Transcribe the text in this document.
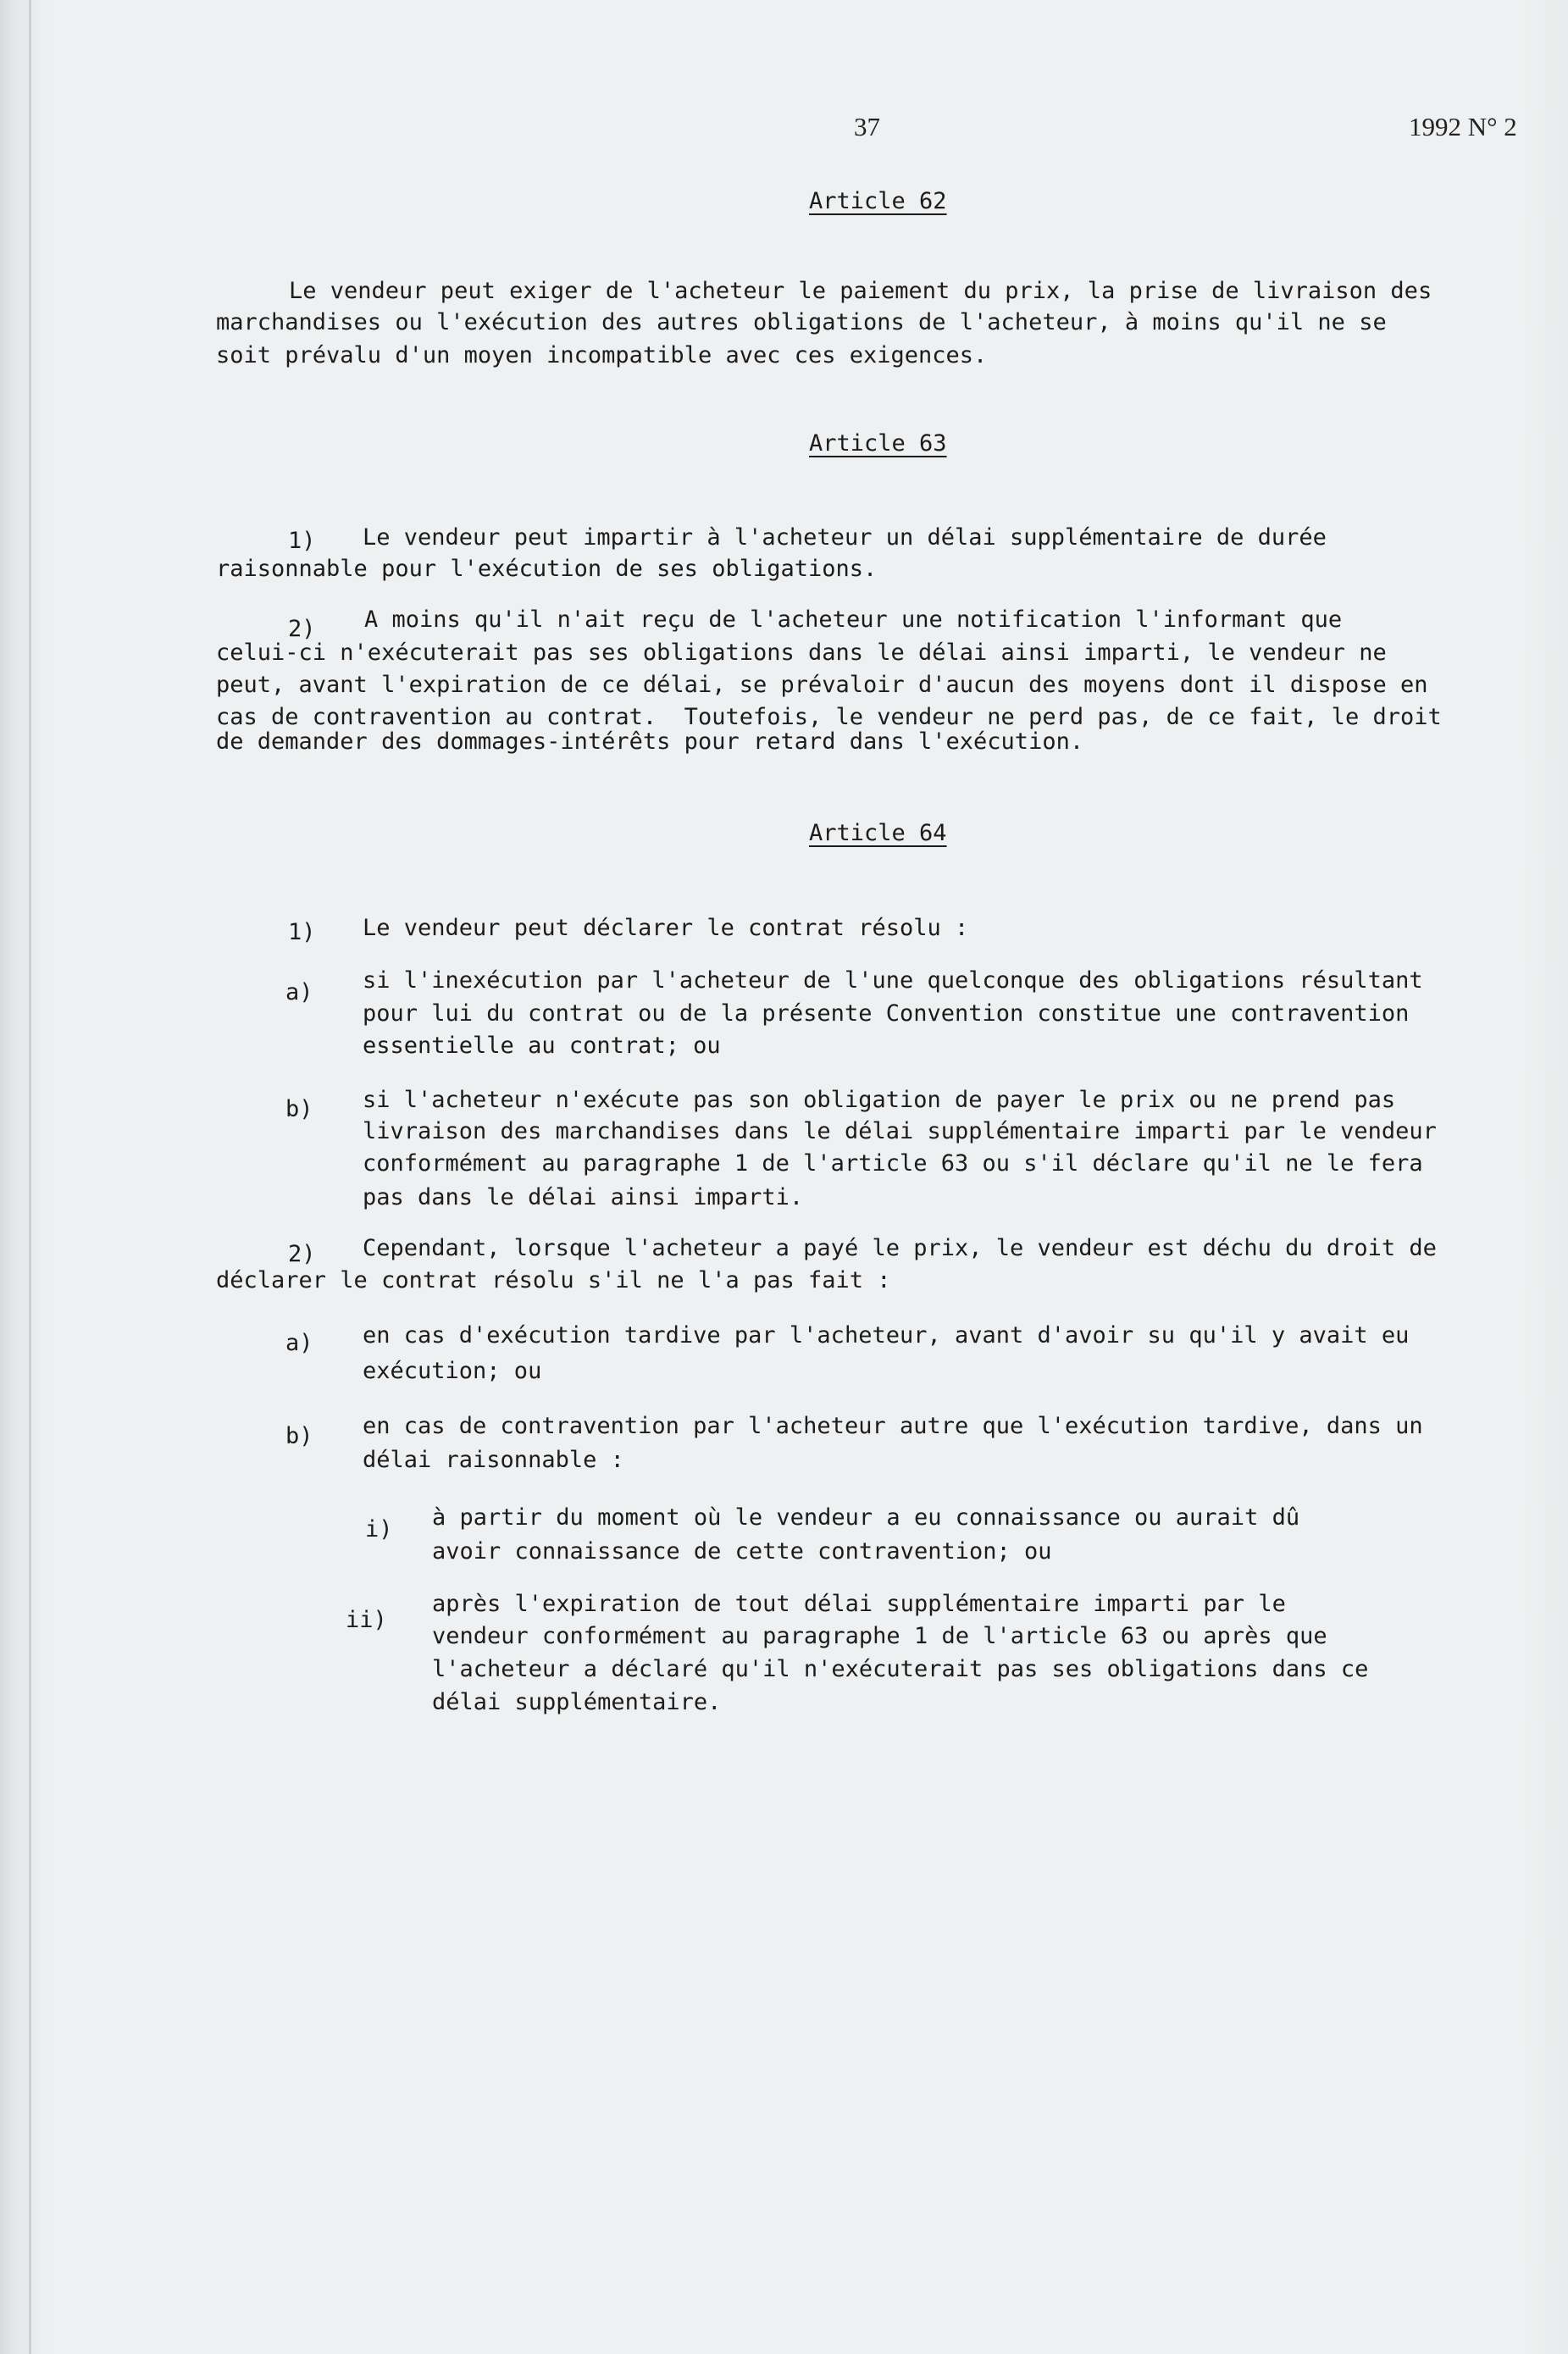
37	1992 N° 2
Article 62
Le vendeur peut exiger de l'acheteur le paiement du prix, la prise de livraison des
marchandises ou l'exécution des autres obligations de l'acheteur, à moins qu'il ne se
soit prévalu d'un moyen incompatible avec ces exigences.
Article 63
1) Le vendeur peut impartir à l'acheteur un délai supplémentaire de durée
raisonnable pour l'exécution de ses obligations.
2) A moins qu'il n'ait reçu de l'acheteur une notification l'informant que
celui-ci n'exécuterait pas ses obligations dans le délai ainsi imparti, le vendeur ne
peut, avant l'expiration de ce délai, se prévaloir d'aucun des moyens dont il dispose en
cas de contravention au contrat.  Toutefois, le vendeur ne perd pas, de ce fait, le droit
de demander des dommages-intérêts pour retard dans l'exécution.
Article 64
1) Le vendeur peut déclarer le contrat résolu :
a) si l'inexécution par l'acheteur de l'une quelconque des obligations résultant
pour lui du contrat ou de la présente Convention constitue une contravention
essentielle au contrat; ou
b) si l'acheteur n'exécute pas son obligation de payer le prix ou ne prend pas
livraison des marchandises dans le délai supplémentaire imparti par le vendeur
conformément au paragraphe 1 de l'article 63 ou s'il déclare qu'il ne le fera
pas dans le délai ainsi imparti.
2) Cependant, lorsque l'acheteur a payé le prix, le vendeur est déchu du droit de
déclarer le contrat résolu s'il ne l'a pas fait :
a) en cas d'exécution tardive par l'acheteur, avant d'avoir su qu'il y avait eu
exécution; ou
b) en cas de contravention par l'acheteur autre que l'exécution tardive, dans un
délai raisonnable :
i) à partir du moment où le vendeur a eu connaissance ou aurait dû
avoir connaissance de cette contravention; ou
ii)
après l'expiration de tout délai supplémentaire imparti par le
vendeur conformément au paragraphe 1 de l'article 63 ou après que
l'acheteur a déclaré qu'il n'exécuterait pas ses obligations dans ce
délai supplémentaire.
